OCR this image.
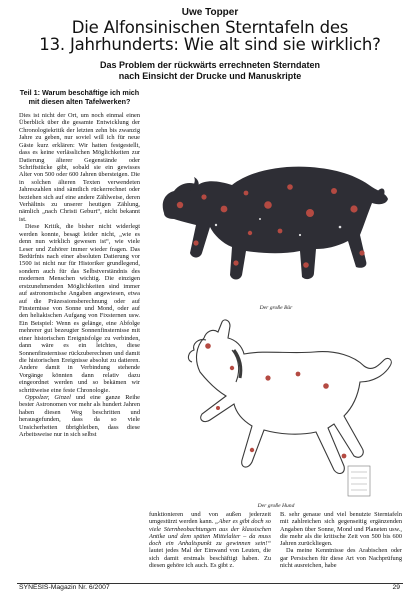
Uwe Topper
Die Alfonsinischen Sterntafeln des
13. Jahrhunderts: Wie alt sind sie wirklich?
Das Problem der rückwärts errechneten Sterndaten
nach Einsicht der Drucke und Manuskripte
Teil 1: Warum beschäftige ich mich mit diesen alten Tafelwerken?

Dies ist nicht der Ort, um noch einmal einen Überblick über die gesamte Entwicklung der Chronologiekritik der letzten zehn bis zwanzig Jahre zu geben, nur soviel will ich für neue Gäste kurz erklären: Wir hatten festgestellt, dass es keine verlässlichen Möglichkeiten zur Datierung älterer Gegenstände oder Schriftstücke gibt, sobald sie ein gewisses Alter von 500 oder 600 Jahren übersteigen. Die in solchen älteren Texten verwendeten Jahreszahlen sind sämtlich rückerrechnet oder beziehen sich auf eine andere Zählweise, deren Verhältnis zu unserer heutigen Zählung, nämlich „nach Christi Geburt“, nicht bekannt ist.

Diese Kritik, die bisher nicht widerlegt werden konnte, besagt leider nicht, „wie es denn nun wirklich gewesen ist“, wie viele Leser und Zuhörer immer wieder fragen. Das Bedürfnis nach einer absoluten Datierung vor 1500 ist nicht nur für Historiker grundlegend, sondern auch für das Selbstverständnis des modernen Menschen wichtig. Die einzigen erstzunehmenden Möglichkeiten sind immer auf astronomische Angaben angewiesen, etwa auf die Präzessionsberechnung oder auf Finsternisse von Sonne und Mond, oder auf den heliakischen Aufgang von Fixsternen usw. Ein Beispiel: Wenn es gelänge, eine Abfolge mehrerer gut bezeugter Sonnenfinsternisse mit einer historischen Ereignisfolge zu verbinden, dann wäre es ein leichtes, diese Sonnenfinsternisse rückzuberechnen und damit die historischen Ereignisse absolut zu datieren. Andere damit in Verbindung stehende Vorgänge könnten dann relativ dazu eingeordnet werden und so bekämen wir schrittweise eine feste Chronologie.

Oppolzer, Ginzel und eine ganze Reihe bester Astronomen vor mehr als hundert Jahren haben diesen Weg beschritten und herausgefunden, dass da so viele Unsicherheiten übrigbleiben, dass diese Arbeitsweise nur in sich selbst

Der große Bär
Der große Hund

funktionieren und von außen jederzeit umgestürzt werden kann. „Aber es gibt doch so viele Sternbeobachtungen aus der klassischen Antike und dem späten Mittelalter – da muss doch ein Anhaltspunkt zu gewinnen sein!“ lautet jedes Mal der Einwand von Leuten, die sich damit erstmals beschäftigt haben. Zu diesen gehöre ich auch. Es gibt z.

B. sehr genaue und viel benutzte Sterntafeln mit zahlreichen sich gegenseitig ergänzenden Angaben über Sonne, Mond und Planeten usw., die mehr als die kritische Zeit von 500 bis 600 Jahren zurückliegen.

Da meine Kenntnisse des Arabischen oder gar Persischen für diese Art von Nachprüfung nicht ausreichen, habe

SYNESIS-Magazin Nr. 6/2007	29
